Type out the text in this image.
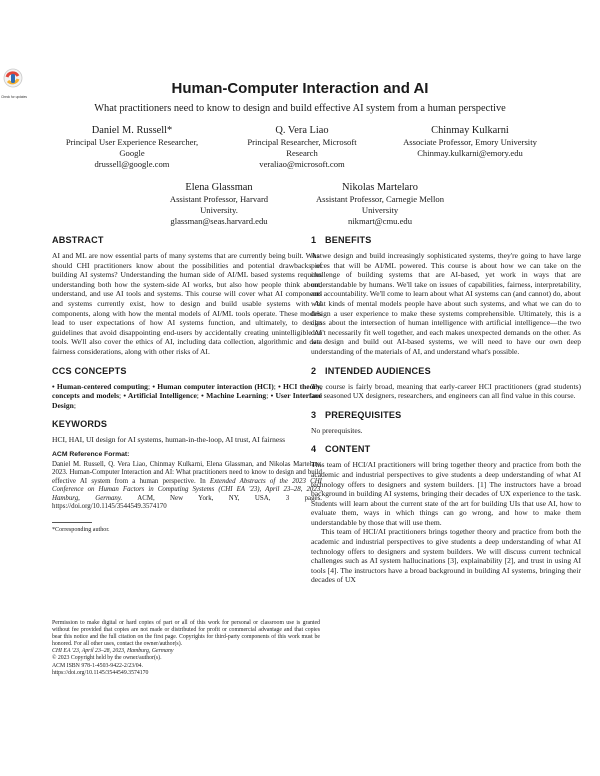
Check for updates	Human-Computer Interaction and AI
What practitioners need to know to design and build effective AI system from a human perspective
Daniel M. Russell*
Principal User Experience Researcher,
Google
drussell@google.com
Q. Vera Liao
Principal Researcher, Microsoft
Research
veraliao@microsoft.com
Chinmay Kulkarni
Associate Professor, Emory University
Chinmay.kulkarni@emory.edu
Elena Glassman
Assistant Professor, Harvard
University.
glassman@seas.harvard.edu
Nikolas Martelaro
Assistant Professor, Carnegie Mellon
University
nikmart@cmu.edu
ABSTRACT

AI and ML are now essential parts of many systems that are currently being built. What should CHI practitioners know about the possibilities and potential drawbacks of building AI systems? Understanding the human side of AI/ML based systems requires understanding both how the system-side AI works, but also how people think about, understand, and use AI tools and systems. This course will cover what AI components and systems currently exist, how to design and build usable systems with AI components, along with how the mental models of AI/ML tools operate. These models lead to user expectations of how AI systems function, and ultimately, to design guidelines that avoid disappointing end-users by accidentally creating unintelligible AI tools. We'll also cover the ethics of AI, including data collection, algorithmic and data fairness considerations, along with other risks of AI.

CCS CONCEPTS

• Human-centered computing; • Human computer interaction (HCI); • HCI theory, concepts and models; • Artificial Intelligence; • Machine Learning; • User Interface Design;

KEYWORDS

HCI, HAI, UI design for AI systems, human-in-the-loop, AI trust, AI fairness

ACM Reference Format:

Daniel M. Russell, Q. Vera Liao, Chinmay Kulkarni, Elena Glassman, and Nikolas Martelaro. 2023. Human-Computer Interaction and AI: What practitioners need to know to design and build effective AI system from a human perspective. In Extended Abstracts of the 2023 CHI Conference on Human Factors in Computing Systems (CHI EA '23), April 23–28, 2023, Hamburg, Germany. ACM, New York, NY, USA, 3 pages. https://doi.org/10.1145/3544549.3574170

*Corresponding author.

Permission to make digital or hard copies of part or all of this work for personal or classroom use is granted without fee provided that copies are not made or distributed for profit or commercial advantage and that copies bear this notice and the full citation on the first page. Copyrights for third-party components of this work must be honored. For all other uses, contact the owner/author(s).

CHI EA '23, April 23–28, 2023, Hamburg, Germany
© 2023 Copyright held by the owner/author(s).
ACM ISBN 978-1-4503-9422-2/23/04.
https://doi.org/10.1145/3544549.3574170
1 BENEFITS

As we design and build increasingly sophisticated systems, they're going to have large pieces that will be AI/ML powered. This course is about how we can take on the challenge of building systems that are AI-based, yet work in ways that are understandable by humans. We'll take on issues of capabilities, fairness, interpretability, and accountability. We'll come to learn about what AI systems can (and cannot) do, about what kinds of mental models people have about such systems, and what we can do to design a user experience to make these systems comprehensible. Ultimately, this is a class about the intersection of human intelligence with artificial intelligence—the two don't necessarily fit well together, and each makes unexpected demands on the other. As we design and build out AI-based systems, we will need to have our own deep understanding of the materials of AI, and understand what's possible.

2 INTENDED AUDIENCES

The course is fairly broad, meaning that early-career HCI practitioners (grad students) and seasoned UX designers, researchers, and engineers can all find value in this course.

3 PREREQUISITES

No prerequisites.

4 CONTENT

This team of HCI/AI practitioners will bring together theory and practice from both the academic and industrial perspectives to give students a deep understanding of what AI technology offers to designers and system builders. [1] The instructors have a broad background in building AI systems, bringing their decades of UX experience to the task. Students will learn about the current state of the art for building UIs that use AI, how to evaluate them, ways in which things can go wrong, and how to make them understandable by those that will use them.

This team of HCI/AI practitioners brings together theory and practice from both the academic and industrial perspectives to give students a deep understanding of what AI technology offers to designers and system builders. We will discuss current technical challenges such as AI system hallucinations [3], explainability [2], and trust in using AI tools [4]. The instructors have a broad background in building AI systems, bringing their decades of UX
